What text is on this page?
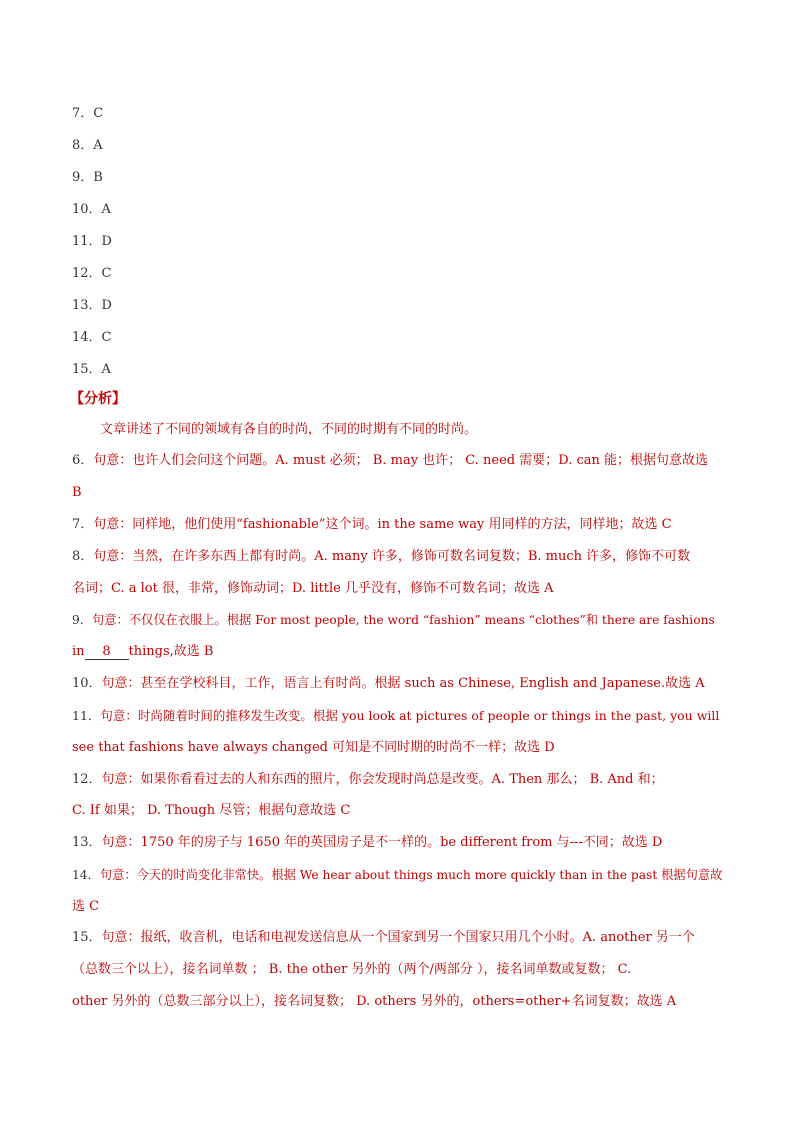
7．C
8．A
9．B
10．A
11．D
12．C
13．D
14．C
15．A
【分析】
文章讲述了不同的领域有各自的时尚，不同的时期有不同的时尚。
6．句意：也许人们会问这个问题。A. must 必须； B. may 也许； C. need 需要；D. can 能；根据句意故选
B
7．句意：同样地，他们使用“fashionable”这个词。in the same way 用同样的方法，同样地；故选 C
8．句意：当然，在许多东西上都有时尚。A. many 许多，修饰可数名词复数；B. much 许多，修饰不可数
名词；C. a lot 很，非常，修饰动词；D. little 几乎没有，修饰不可数名词；故选 A
9．句意：不仅仅在衣服上。根据 For most people, the word “fashion” means “clothes”和 there are fashions
in 8 things,故选 B
10．句意：甚至在学校科目，工作，语言上有时尚。根据 such as Chinese, English and Japanese.故选 A
11．句意：时尚随着时间的推移发生改变。根据 you look at pictures of people or things in the past, you will
see that fashions have always changed 可知是不同时期的时尚不一样；故选 D
12．句意：如果你看看过去的人和东西的照片，你会发现时尚总是改变。A. Then 那么； B. And 和；
C. If 如果； D. Though 尽管；根据句意故选 C
13．句意：1750 年的房子与 1650 年的英国房子是不一样的。be different from 与---不同；故选 D
14．句意：今天的时尚变化非常快。根据 We hear about things much more quickly than in the past 根据句意故
选 C
15．句意：报纸，收音机，电话和电视发送信息从一个国家到另一个国家只用几个小时。A. another 另一个
（总数三个以上），接名词单数 ； B. the other 另外的（两个/两部分 ），接名词单数或复数； C.
other 另外的（总数三部分以上），接名词复数； D. others 另外的，others=other+名词复数；故选 A
